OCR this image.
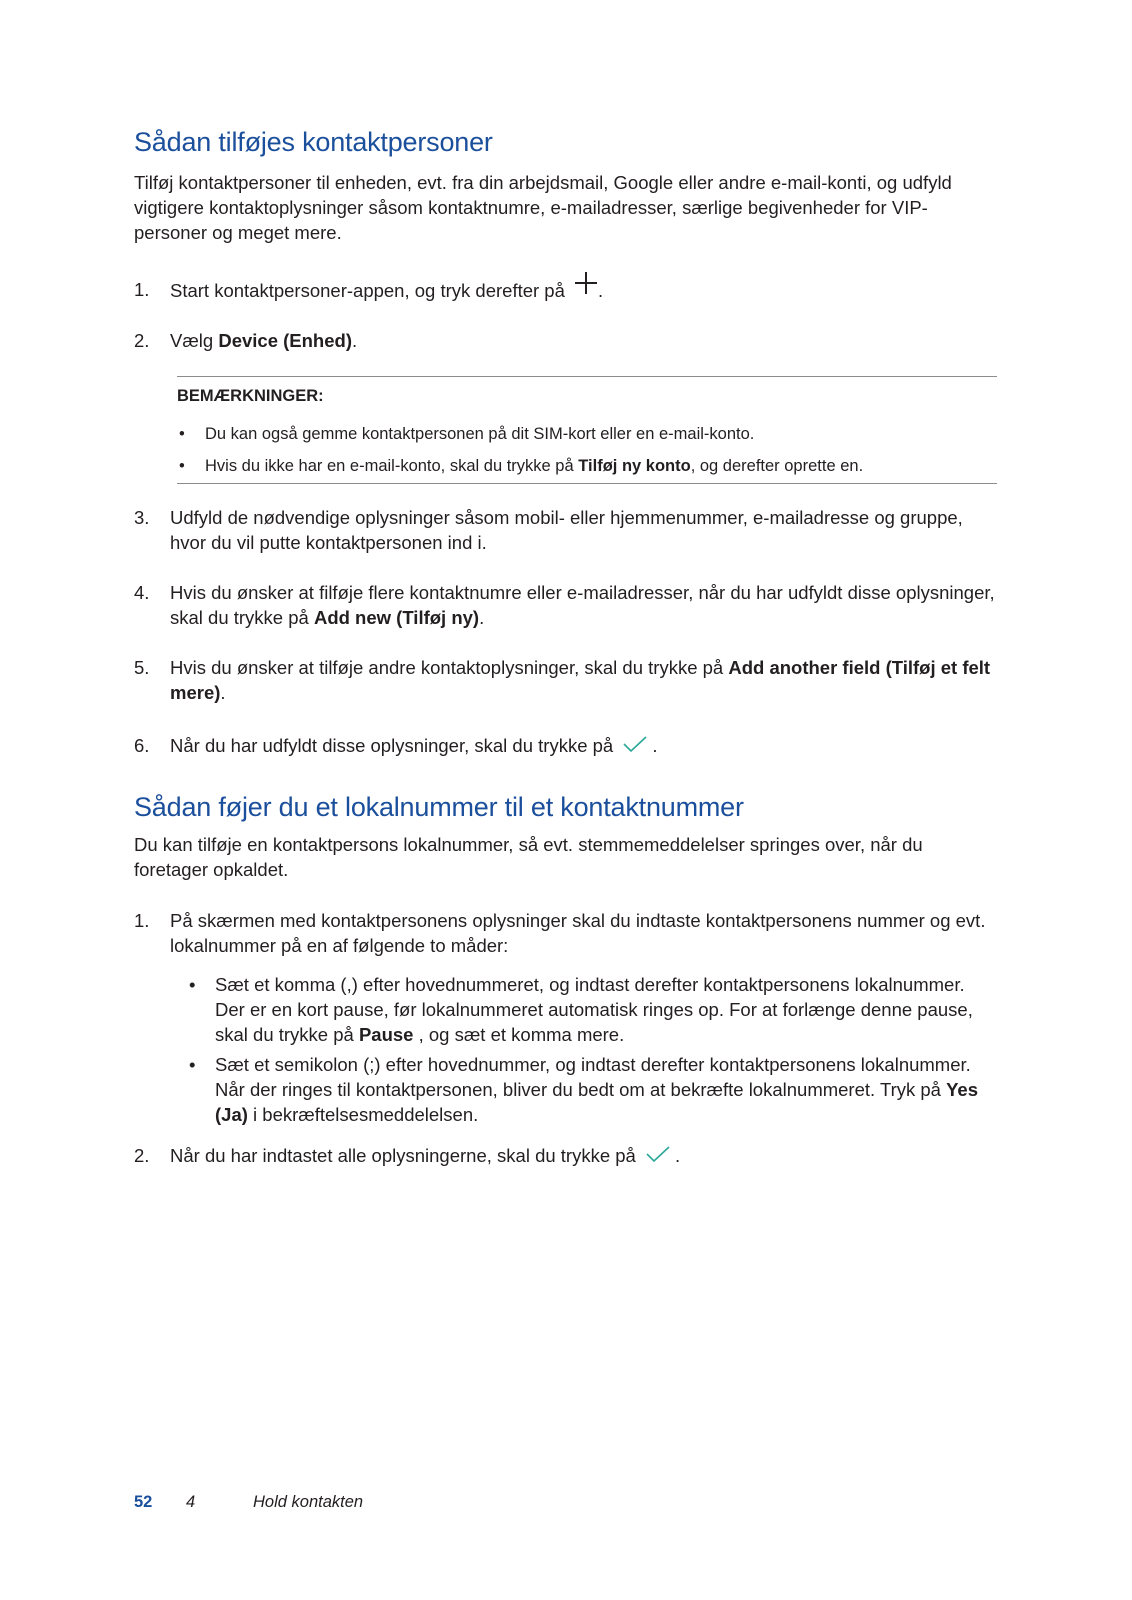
Sådan tilføjes kontaktpersoner

Tilføj kontaktpersoner til enheden, evt. fra din arbejdsmail, Google eller andre e-mail-konti, og udfyld vigtigere kontaktoplysninger såsom kontaktnumre, e-mailadresser, særlige begivenheder for VIP-personer og meget mere.

1. Start kontaktpersoner-appen, og tryk derefter på .
2. Vælg Device (Enhed).
BEMÆRKNINGER:
• Du kan også gemme kontaktpersonen på dit SIM-kort eller en e-mail-konto.
• Hvis du ikke har en e-mail-konto, skal du trykke på Tilføj ny konto, og derefter oprette en.
3. Udfyld de nødvendige oplysninger såsom mobil- eller hjemmenummer, e-mailadresse og gruppe, hvor du vil putte kontaktpersonen ind i.
4. Hvis du ønsker at filføje flere kontaktnumre eller e-mailadresser, når du har udfyldt disse oplysninger, skal du trykke på Add new (Tilføj ny).
5. Hvis du ønsker at tilføje andre kontaktoplysninger, skal du trykke på Add another field (Tilføj et felt mere).
6. Når du har udfyldt disse oplysninger, skal du trykke på .
Sådan føjer du et lokalnummer til et kontaktnummer

Du kan tilføje en kontaktpersons lokalnummer, så evt. stemmemeddelelser springes over, når du foretager opkaldet.

1. På skærmen med kontaktpersonens oplysninger skal du indtaste kontaktpersonens nummer og evt. lokalnummer på en af følgende to måder:
• Sæt et komma (,) efter hovednummeret, og indtast derefter kontaktpersonens lokalnummer. Der er en kort pause, før lokalnummeret automatisk ringes op. For at forlænge denne pause, skal du trykke på Pause , og sæt et komma mere.
• Sæt et semikolon (;) efter hovednummer, og indtast derefter kontaktpersonens lokalnummer. Når der ringes til kontaktpersonen, bliver du bedt om at bekræfte lokalnummeret. Tryk på Yes (Ja) i bekræftelsesmeddelelsen.
2. Når du har indtastet alle oplysningerne, skal du trykke på .
52 4	Hold kontakten
